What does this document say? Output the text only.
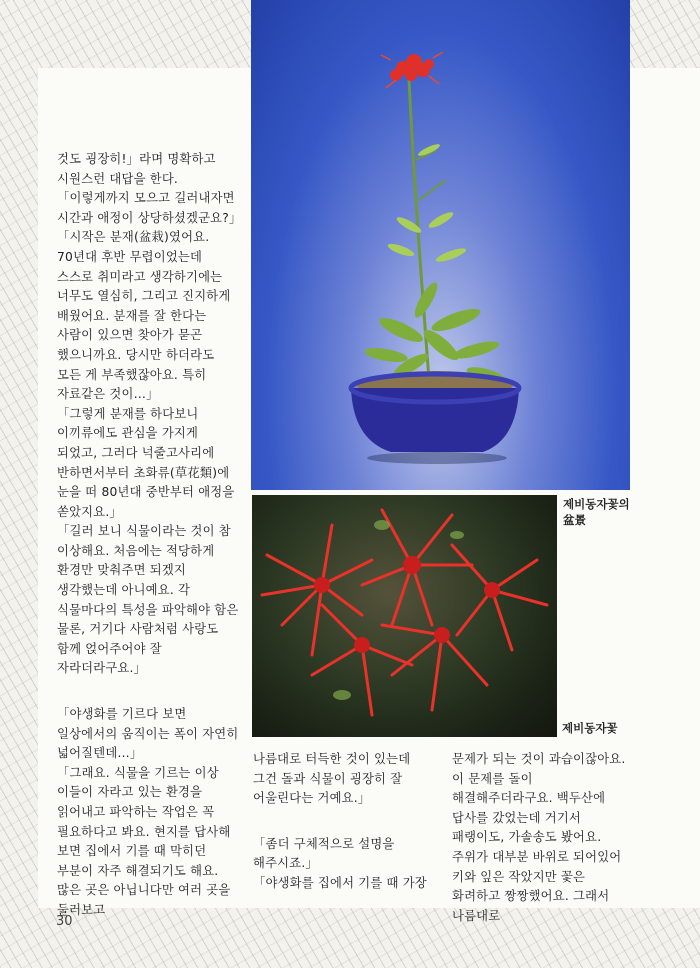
제비동자꽃의 盆景
제비동자꽃

것도 굉장히!」라며 명확하고 시원스런 대답을 한다.

「이렇게까지 모으고 길러내자면 시간과 애정이 상당하셨겠군요?」

「시작은 분재(盆栽)였어요. 70년대 후반 무렵이었는데 스스로 취미라고 생각하기에는 너무도 열심히, 그리고 진지하게 배웠어요. 분재를 잘 한다는 사람이 있으면 찾아가 묻곤 했으니까요. 당시만 하더라도 모든 게 부족했잖아요. 특히 자료같은 것이…」

「그렇게 분재를 하다보니 이끼류에도 관심을 가지게 되었고, 그러다 넉줄고사리에 반하면서부터 초화류(草花類)에 눈을 떠 80년대 중반부터 애정을 쏟았지요.」

「길러 보니 식물이라는 것이 참 이상해요. 처음에는 적당하게 환경만 맞춰주면 되겠지 생각했는데 아니예요. 각 식물마다의 특성을 파악해야 함은 물론, 거기다 사람처럼 사랑도 함께 얹어주어야 잘 자라더라구요.」

「야생화를 기르다 보면 일상에서의 움직이는 폭이 자연히 넓어질텐데…」

「그래요. 식물을 기르는 이상 이들이 자라고 있는 환경을 읽어내고 파악하는 작업은 꼭 필요하다고 봐요. 현지를 답사해 보면 집에서 기를 때 막히던 부분이 자주 해결되기도 해요. 많은 곳은 아닙니다만 여러 곳을 둘러보고

나름대로 터득한 것이 있는데 그건 돌과 식물이 굉장히 잘 어울린다는 거예요.」

「좀더 구체적으로 설명을 해주시죠.」

「야생화를 집에서 기를 때 가장

문제가 되는 것이 과습이잖아요. 이 문제를 돌이 해결해주더라구요. 백두산에 답사를 갔었는데 거기서 패랭이도, 가솔송도 봤어요. 주위가 대부분 바위로 되어있어 키와 잎은 작았지만 꽃은 화려하고 짱짱했어요. 그래서 나름대로

30
